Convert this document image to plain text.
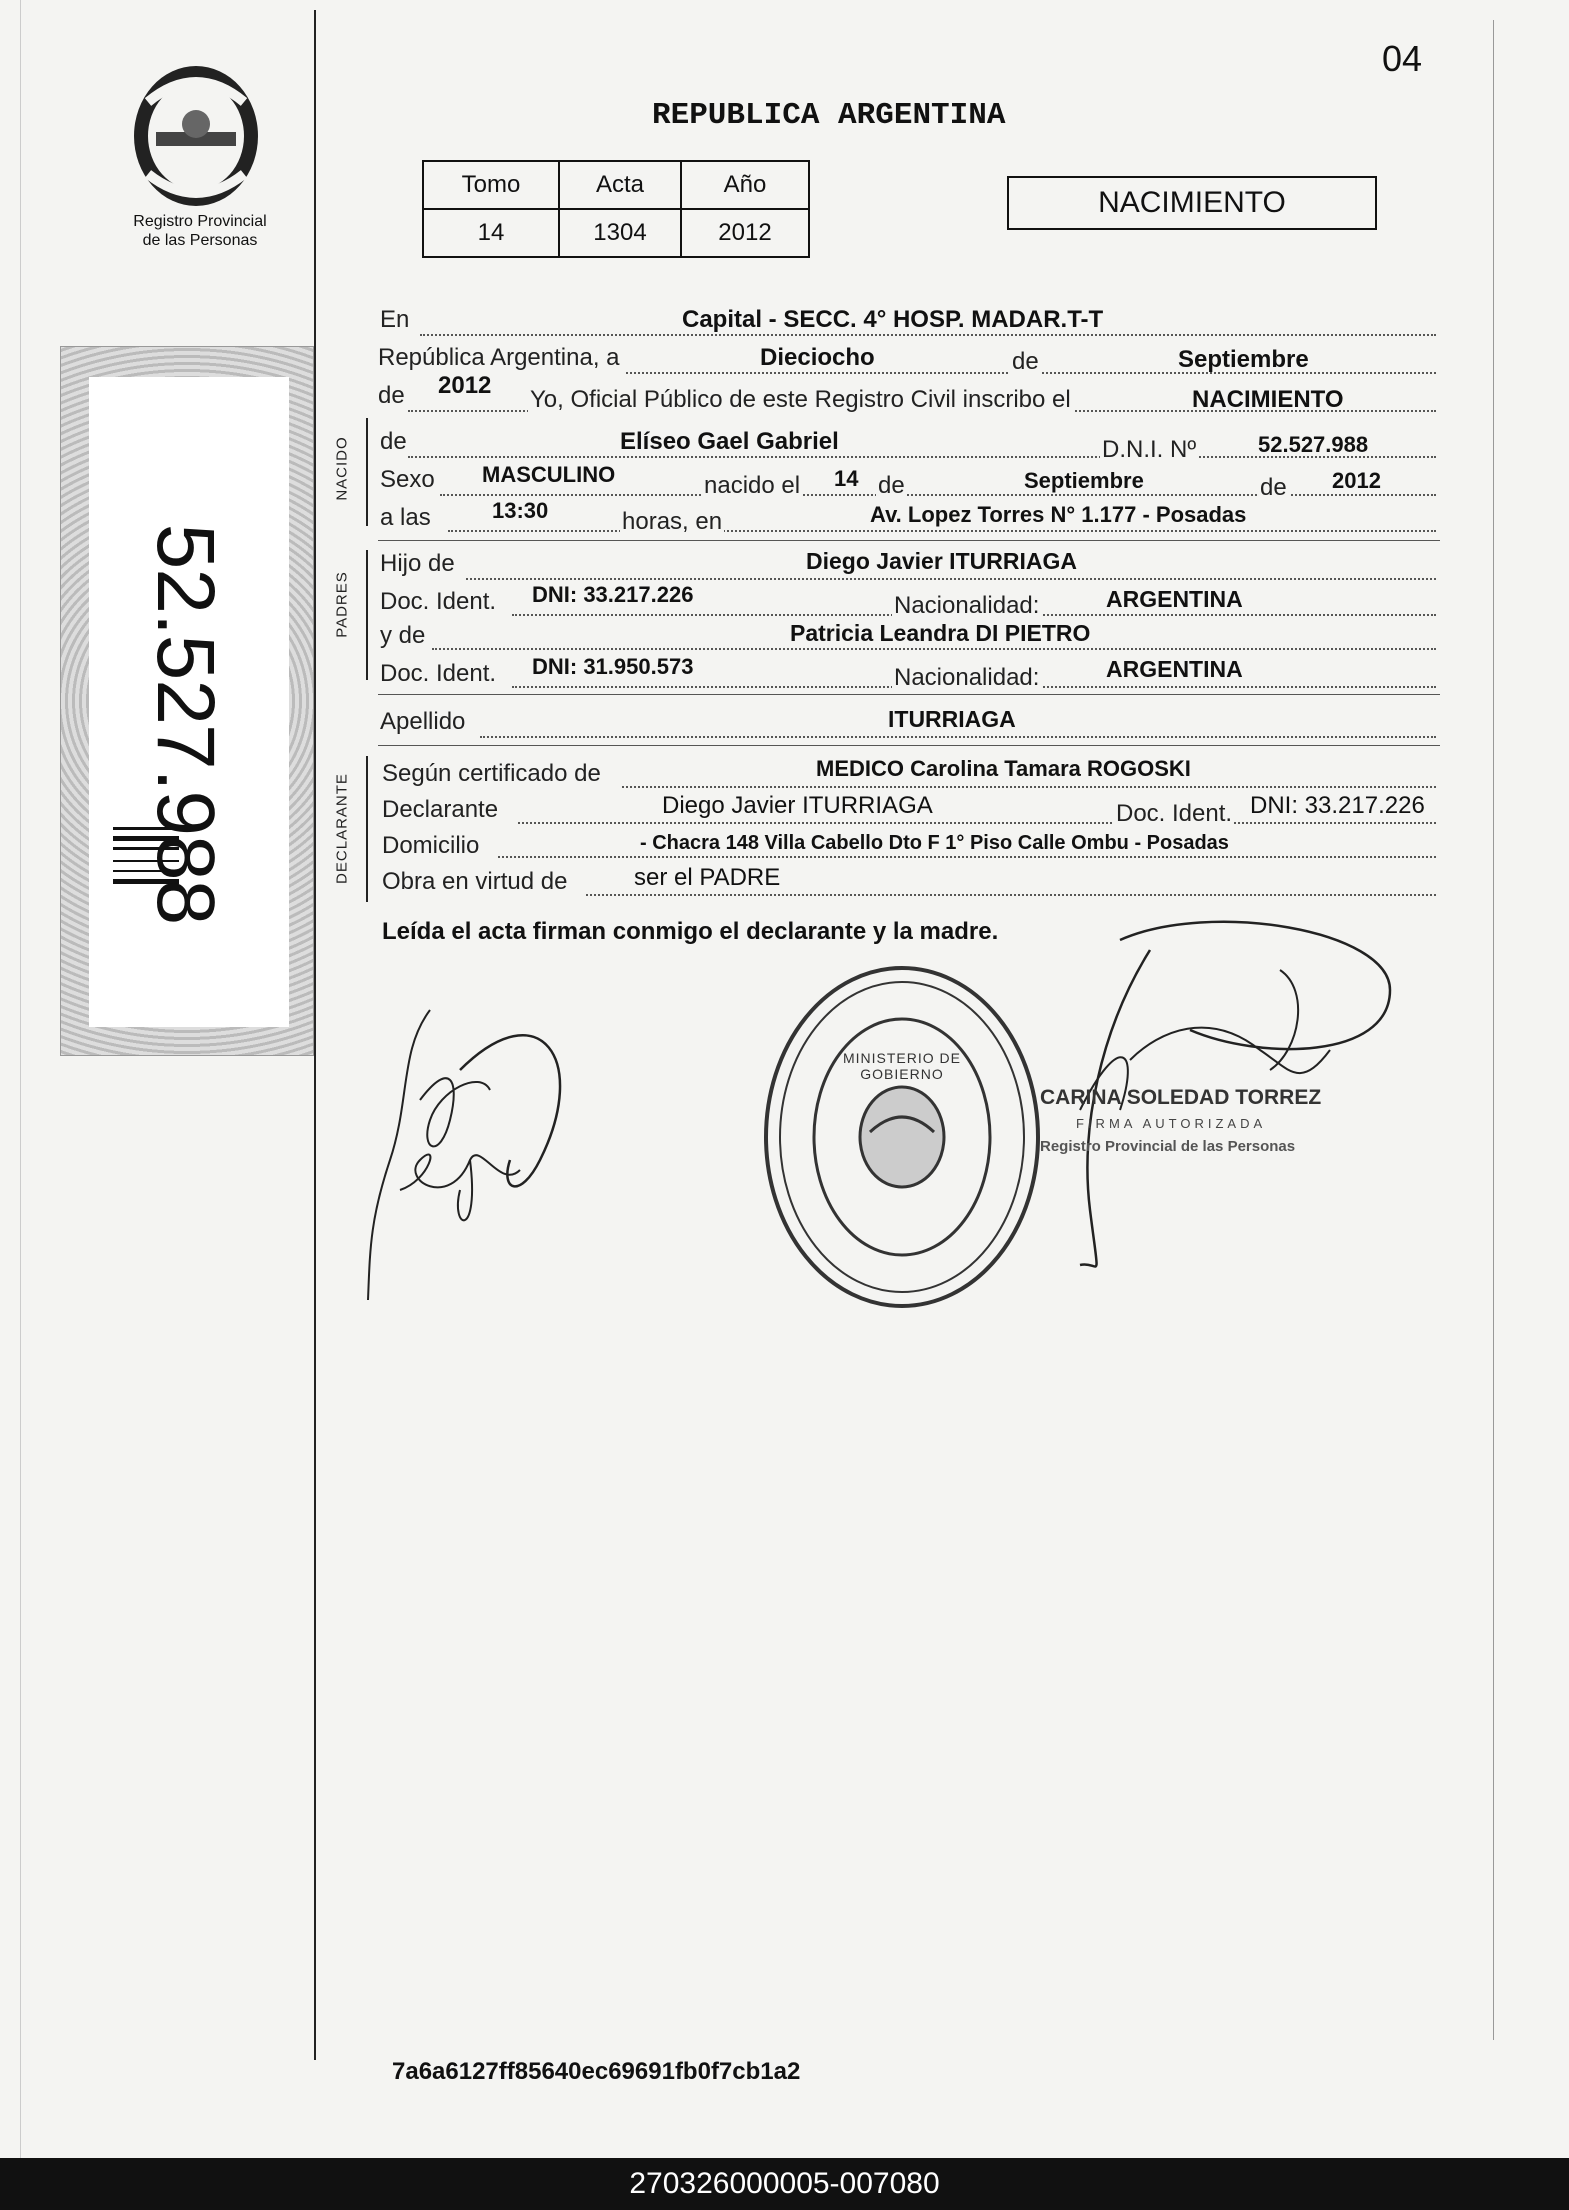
04
Registro Provincial
de las Personas
REPUBLICA ARGENTINA
Tomo	Acta	Año
14	1304	2012
NACIMIENTO
52.527.988
NACIDO
PADRES
DECLARANTE
En	Capital - SECC. 4° HOSP. MADAR.T-T
República Argentina, a	Dieciocho	de	Septiembre
de 2012
Yo, Oficial Público de este Registro Civil inscribo el	NACIMIENTO
de	Elíseo Gael Gabriel	D.N.I. Nº	52.527.988
Sexo MASCULINO	nacido el 14 de	Septiembre	de 2012
a las	13:30	horas, en	Av. Lopez Torres N° 1.177 - Posadas
Hijo de	Diego Javier ITURRIAGA
Doc. Ident. DNI: 33.217.226	Nacionalidad:	ARGENTINA
y de	Patricia Leandra DI PIETRO
Doc. Ident. DNI: 31.950.573	Nacionalidad:	ARGENTINA
Apellido	ITURRIAGA
Según certificado de	MEDICO Carolina Tamara ROGOSKI
Declarante	Diego Javier ITURRIAGA	Doc. Ident. DNI: 33.217.226
Domicilio	- Chacra 148 Villa Cabello Dto F 1° Piso Calle Ombu - Posadas
Obra en virtud de	ser el PADRE
Leída el acta firman conmigo el declarante y la madre.
MINISTERIO DE GOBIERNO
CARINA SOLEDAD TORREZ
FIRMA AUTORIZADA
Registro Provincial de las Personas
7a6a6127ff85640ec69691fb0f7cb1a2
270326000005-007080
